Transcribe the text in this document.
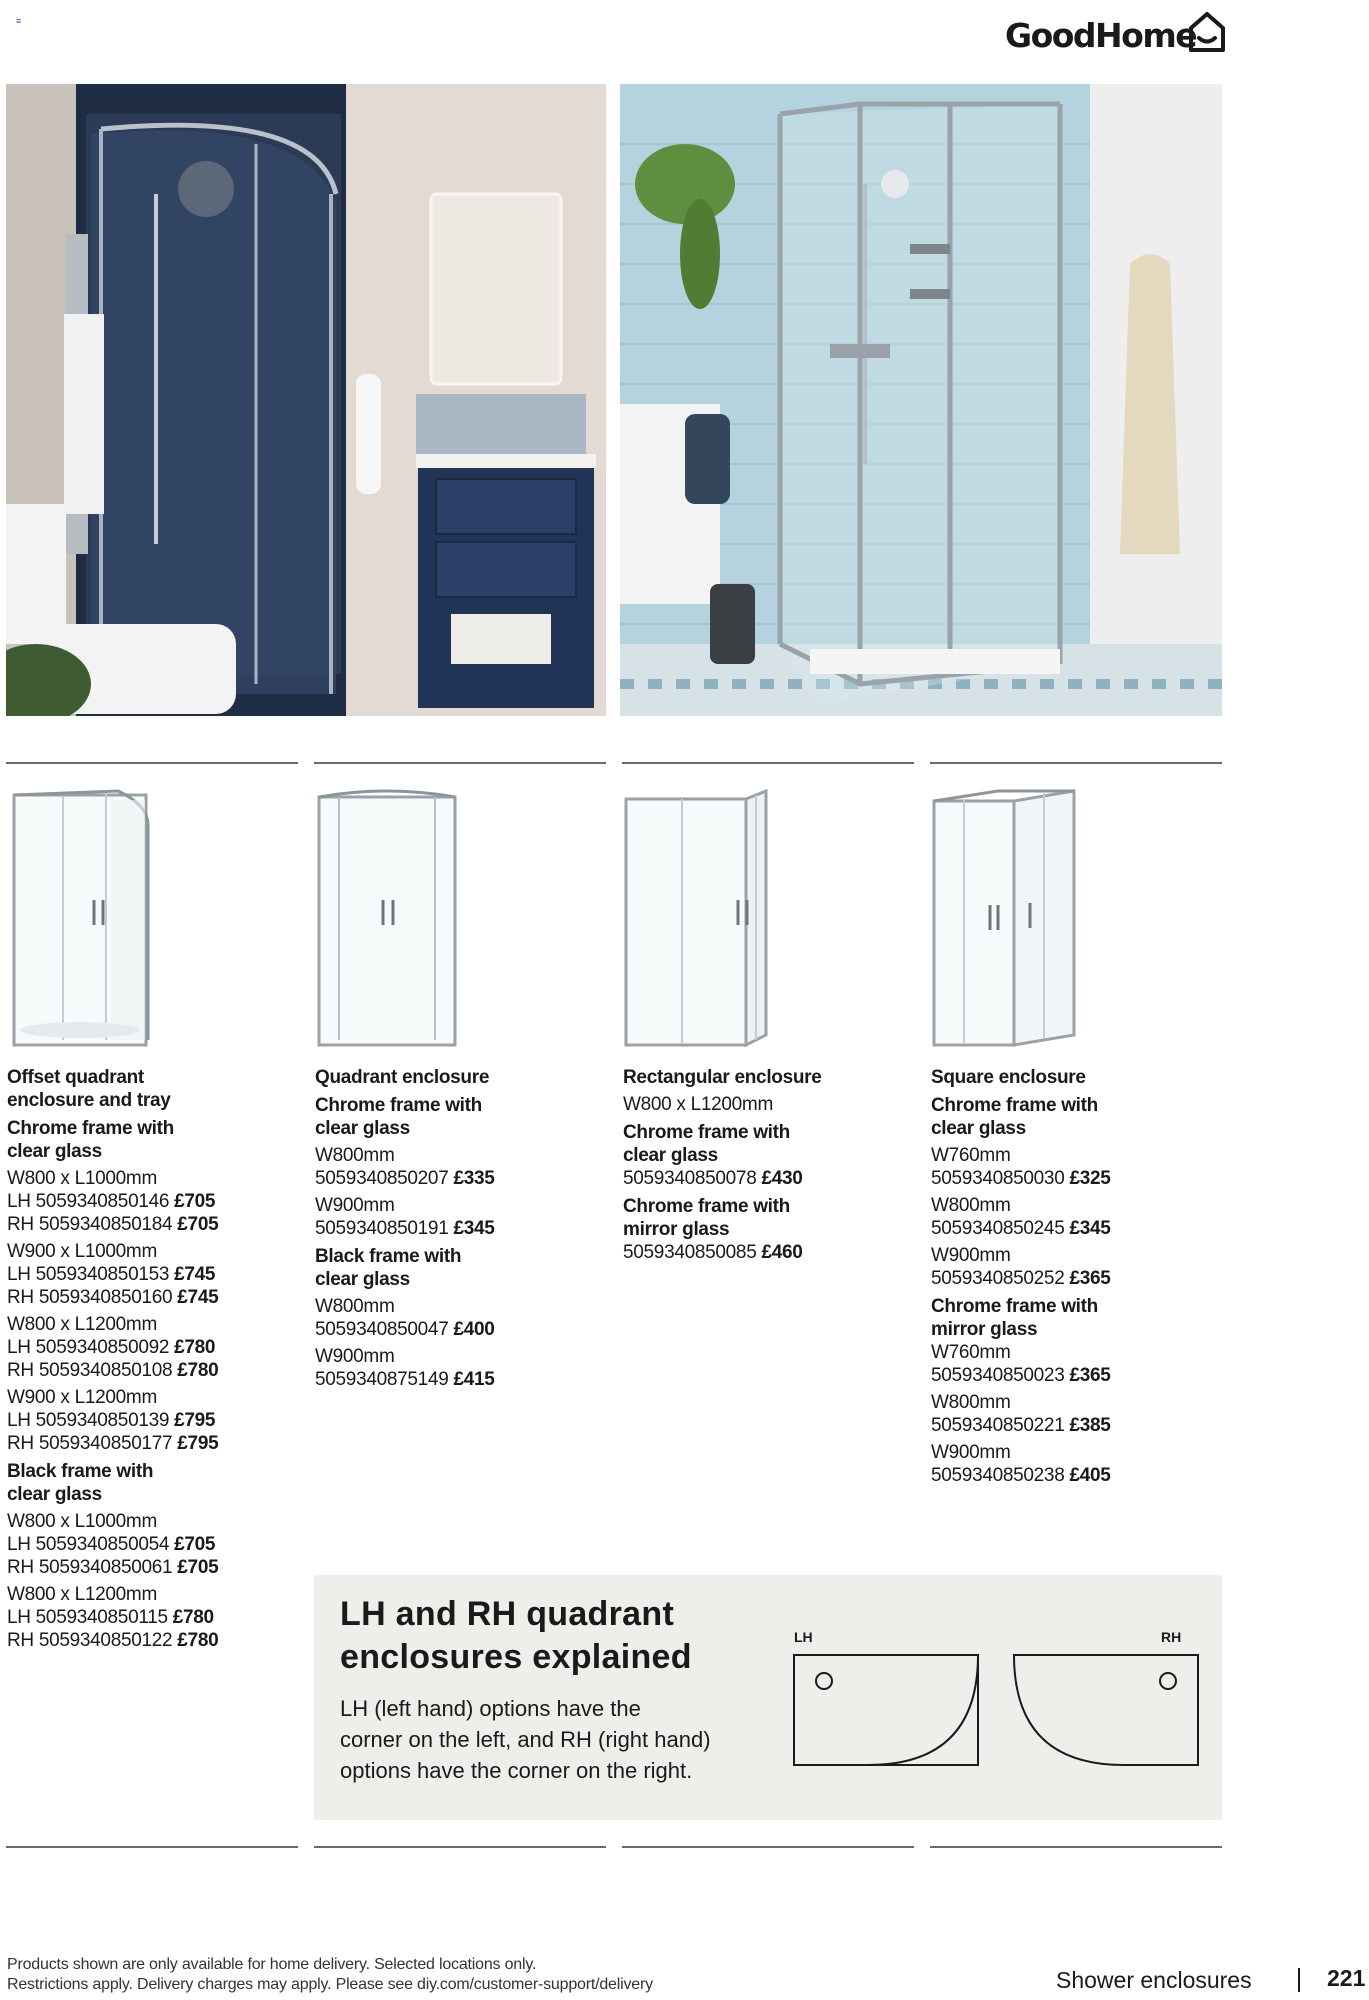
≡	GoodHome
Offset quadrant enclosure and tray
Chrome frame with clear glass
W800 x L1000mm
LH 5059340850146 £705
RH 5059340850184 £705
W900 x L1000mm
LH 5059340850153 £745
RH 5059340850160 £745
W800 x L1200mm
LH 5059340850092 £780
RH 5059340850108 £780
W900 x L1200mm
LH 5059340850139 £795
RH 5059340850177 £795
Black frame with clear glass
W800 x L1000mm
LH 5059340850054 £705
RH 5059340850061 £705
W800 x L1200mm
LH 5059340850115 £780
RH 5059340850122 £780
Quadrant enclosure
Chrome frame with clear glass
W800mm
5059340850207 £335
W900mm
5059340850191 £345
Black frame with clear glass
W800mm
5059340850047 £400
W900mm
5059340875149 £415
Rectangular enclosure
W800 x L1200mm
Chrome frame with clear glass
5059340850078 £430
Chrome frame with mirror glass
5059340850085 £460
Square enclosure
Chrome frame with clear glass
W760mm
5059340850030 £325
W800mm
5059340850245 £345
W900mm
5059340850252 £365
Chrome frame with mirror glass
W760mm
5059340850023 £365
W800mm
5059340850221 £385
W900mm
5059340850238 £405
LH and RH quadrant
enclosures explained
LH (left hand) options have the
corner on the left, and RH (right hand)
options have the corner on the right.
LH	RH
Products shown are only available for home delivery. Selected locations only.
Restrictions apply. Delivery charges may apply. Please see diy.com/customer-support/delivery	Shower enclosures	221
